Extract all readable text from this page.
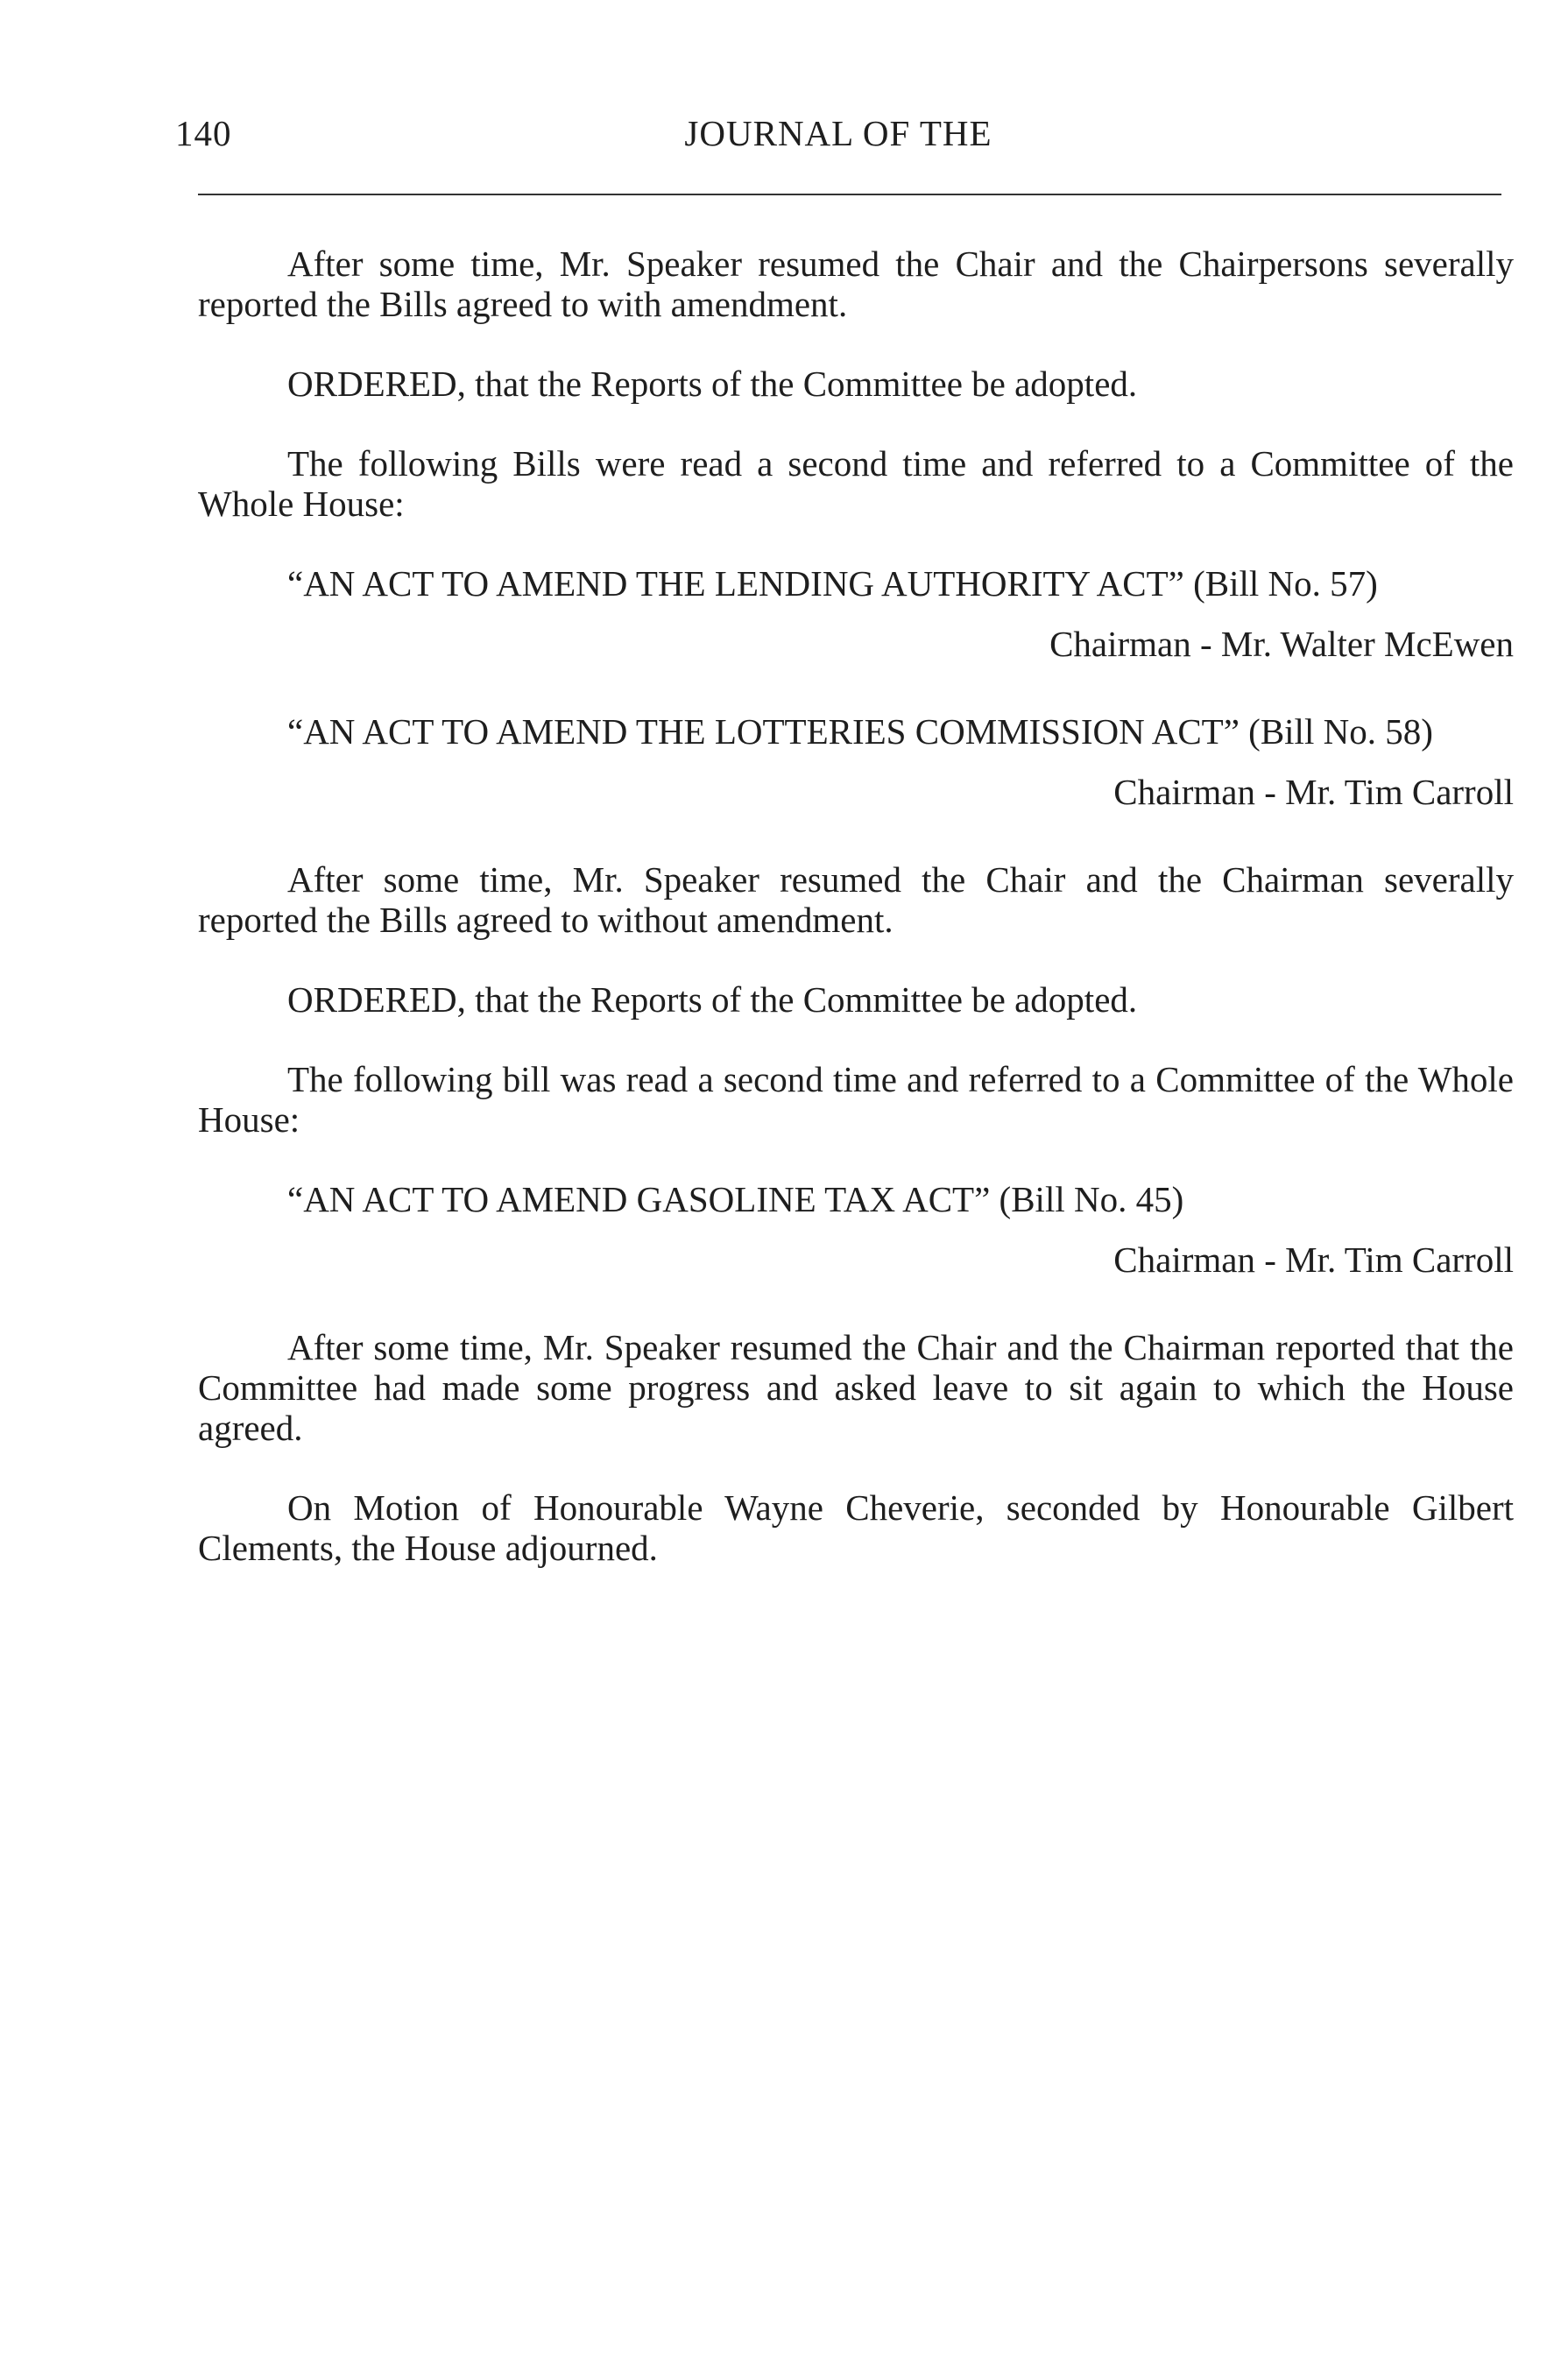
140	JOURNAL OF THE

After some time, Mr. Speaker resumed the Chair and the Chairpersons severally reported the Bills agreed to with amendment.

ORDERED, that the Reports of the Committee be adopted.

The following Bills were read a second time and referred to a Committee of the Whole House:

“AN ACT TO AMEND THE LENDING AUTHORITY ACT” (Bill No. 57)

Chairman - Mr. Walter McEwen

“AN ACT TO AMEND THE LOTTERIES COMMISSION ACT” (Bill No. 58)

Chairman - Mr. Tim Carroll

After some time, Mr. Speaker resumed the Chair and the Chairman severally reported the Bills agreed to without amendment.

ORDERED, that the Reports of the Committee be adopted.

The following bill was read a second time and referred to a Committee of the Whole House:

“AN ACT TO AMEND GASOLINE TAX ACT” (Bill No. 45)

Chairman - Mr. Tim Carroll

After some time, Mr. Speaker resumed the Chair and the Chairman reported that the Committee had made some progress and asked leave to sit again to which the House agreed.

On Motion of Honourable Wayne Cheverie, seconded by Honourable Gilbert Clements, the House adjourned.
